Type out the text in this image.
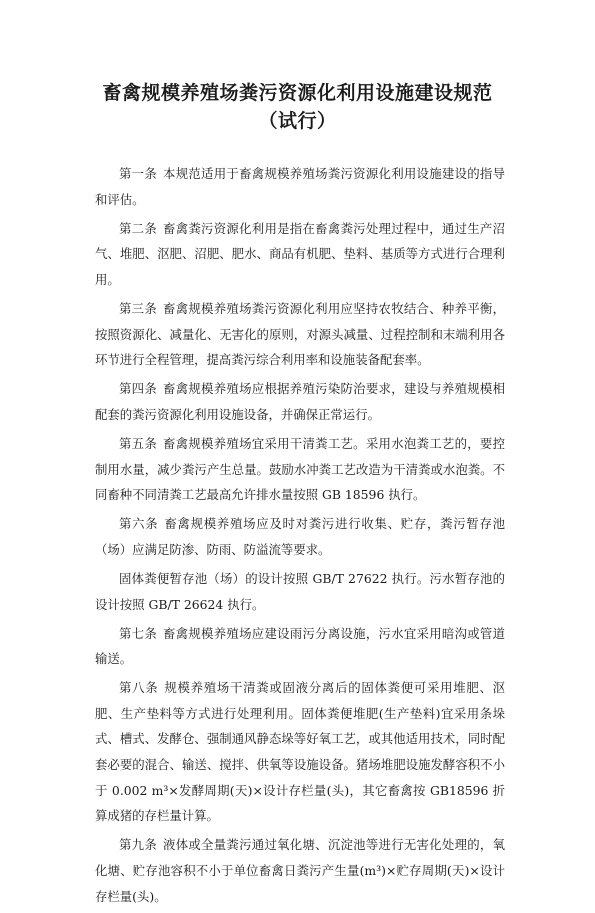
畜禽规模养殖场粪污资源化利用设施建设规范
（试行）

第一条 本规范适用于畜禽规模养殖场粪污资源化利用设施建设的指导和评估。

第二条 畜禽粪污资源化利用是指在畜禽粪污处理过程中，通过生产沼气、堆肥、沤肥、沼肥、肥水、商品有机肥、垫料、基质等方式进行合理利用。

第三条 畜禽规模养殖场粪污资源化利用应坚持农牧结合、种养平衡，按照资源化、减量化、无害化的原则，对源头减量、过程控制和末端利用各环节进行全程管理，提高粪污综合利用率和设施装备配套率。

第四条 畜禽规模养殖场应根据养殖污染防治要求，建设与养殖规模相配套的粪污资源化利用设施设备，并确保正常运行。

第五条 畜禽规模养殖场宜采用干清粪工艺。采用水泡粪工艺的，要控制用水量，减少粪污产生总量。鼓励水冲粪工艺改造为干清粪或水泡粪。不同畜种不同清粪工艺最高允许排水量按照 GB 18596 执行。

第六条 畜禽规模养殖场应及时对粪污进行收集、贮存，粪污暂存池（场）应满足防渗、防雨、防溢流等要求。

固体粪便暂存池（场）的设计按照 GB/T 27622 执行。污水暂存池的设计按照 GB/T 26624 执行。

第七条 畜禽规模养殖场应建设雨污分离设施，污水宜采用暗沟或管道输送。

第八条 规模养殖场干清粪或固液分离后的固体粪便可采用堆肥、沤肥、生产垫料等方式进行处理利用。固体粪便堆肥(生产垫料)宜采用条垛式、槽式、发酵仓、强制通风静态垛等好氧工艺，或其他适用技术，同时配套必要的混合、输送、搅拌、供氧等设施设备。猪场堆肥设施发酵容积不小于 0.002 m³×发酵周期(天)×设计存栏量(头)，其它畜禽按 GB18596 折算成猪的存栏量计算。

第九条 液体或全量粪污通过氧化塘、沉淀池等进行无害化处理的，氧化塘、贮存池容积不小于单位畜禽日粪污产生量(m³)×贮存周期(天)×设计存栏量(头)。
